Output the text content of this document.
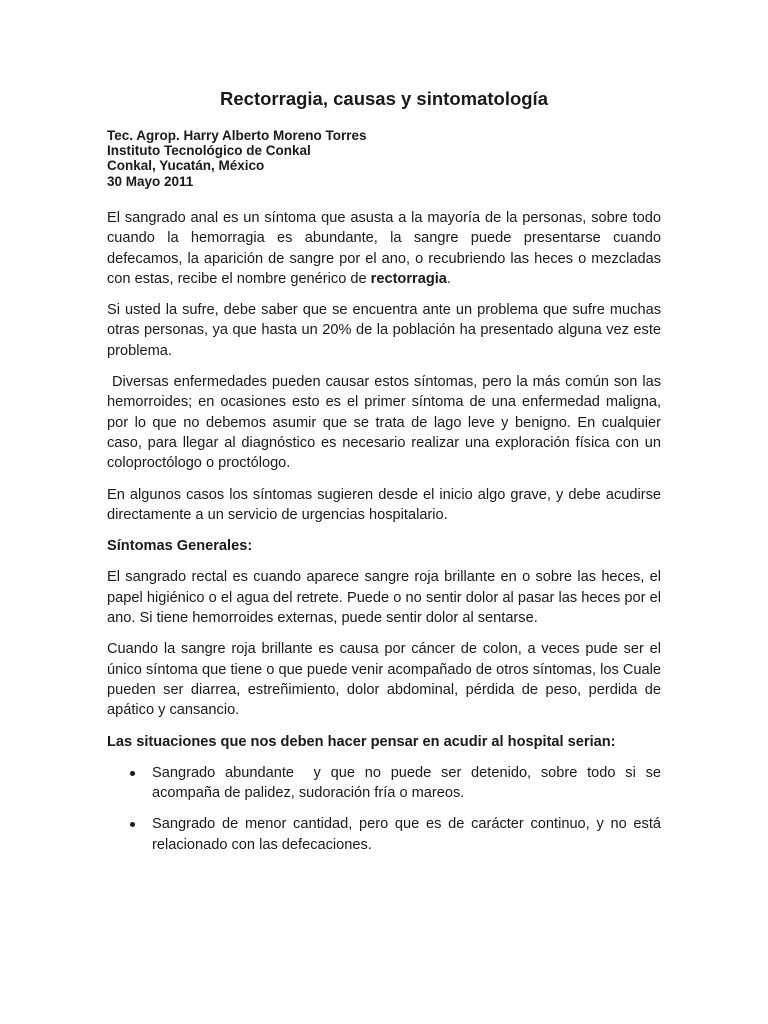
Rectorragia, causas y sintomatología
Tec. Agrop. Harry Alberto Moreno Torres
Instituto Tecnológico de Conkal
Conkal, Yucatán, México
30 Mayo 2011

El sangrado anal es un síntoma que asusta a la mayoría de la personas, sobre todo cuando la hemorragia es abundante, la sangre puede presentarse cuando defecamos, la aparición de sangre por el ano, o recubriendo las heces o mezcladas con estas, recibe el nombre genérico de rectorragia.

Si usted la sufre, debe saber que se encuentra ante un problema que sufre muchas otras personas, ya que hasta un 20% de la población ha presentado alguna vez este problema.

Diversas enfermedades pueden causar estos síntomas, pero la más común son las hemorroides; en ocasiones esto es el primer síntoma de una enfermedad maligna, por lo que no debemos asumir que se trata de lago leve y benigno. En cualquier caso, para llegar al diagnóstico es necesario realizar una exploración física con un coloproctólogo o proctólogo.

En algunos casos los síntomas sugieren desde el inicio algo grave, y debe acudirse directamente a un servicio de urgencias hospitalario.

Síntomas Generales:

El sangrado rectal es cuando aparece sangre roja brillante en o sobre las heces, el papel higiénico o el agua del retrete. Puede o no sentir dolor al pasar las heces por el ano. Si tiene hemorroides externas, puede sentir dolor al sentarse.

Cuando la sangre roja brillante es causa por cáncer de colon, a veces pude ser el único síntoma que tiene o que puede venir acompañado de otros síntomas, los Cuale pueden ser diarrea, estreñimiento, dolor abdominal, pérdida de peso, perdida de apático y cansancio.

Las situaciones que nos deben hacer pensar en acudir al hospital serian:

Sangrado abundante  y que no puede ser detenido, sobre todo si se acompaña de palidez, sudoración fría o mareos.
Sangrado de menor cantidad, pero que es de carácter continuo, y no está relacionado con las defecaciones.
